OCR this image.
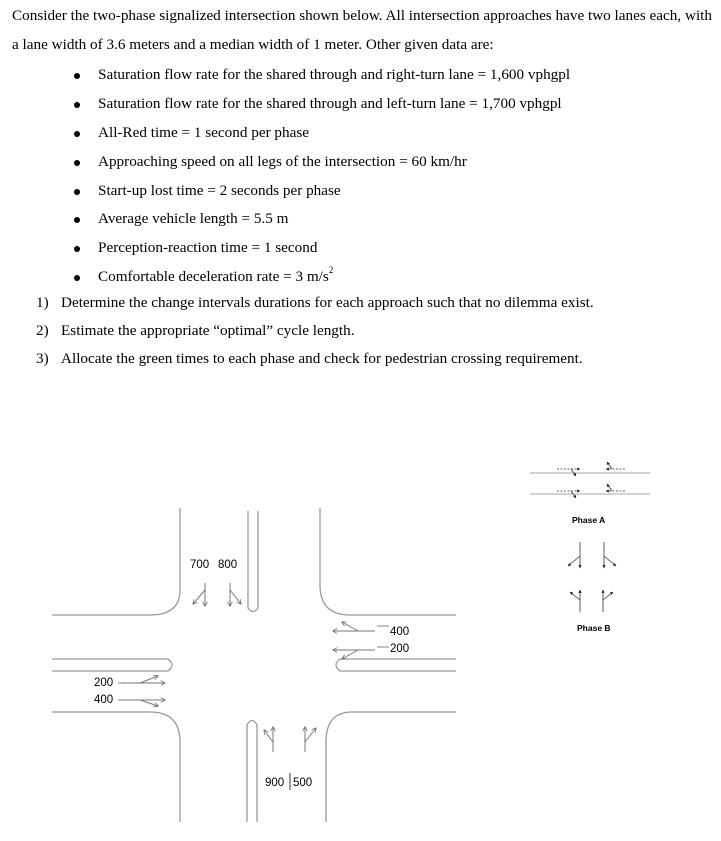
Consider the two-phase signalized intersection shown below. All intersection approaches have two lanes each, with a lane width of 3.6 meters and a median width of 1 meter. Other given data are:

Saturation flow rate for the shared through and right-turn lane = 1,600 vphgpl
Saturation flow rate for the shared through and left-turn lane = 1,700 vphgpl
All-Red time = 1 second per phase
Approaching speed on all legs of the intersection = 60 km/hr
Start-up lost time = 2 seconds per phase
Average vehicle length = 5.5 m
Perception-reaction time = 1 second
Comfortable deceleration rate = 3 $m/s^2$
1) Determine the change intervals durations for each approach such that no dilemma exist.
2) Estimate the appropriate “optimal” cycle length.
3) Allocate the green times to each phase and check for pedestrian crossing requirement.
700 800
400
200
200
400
900 500
Phase A
Phase B
